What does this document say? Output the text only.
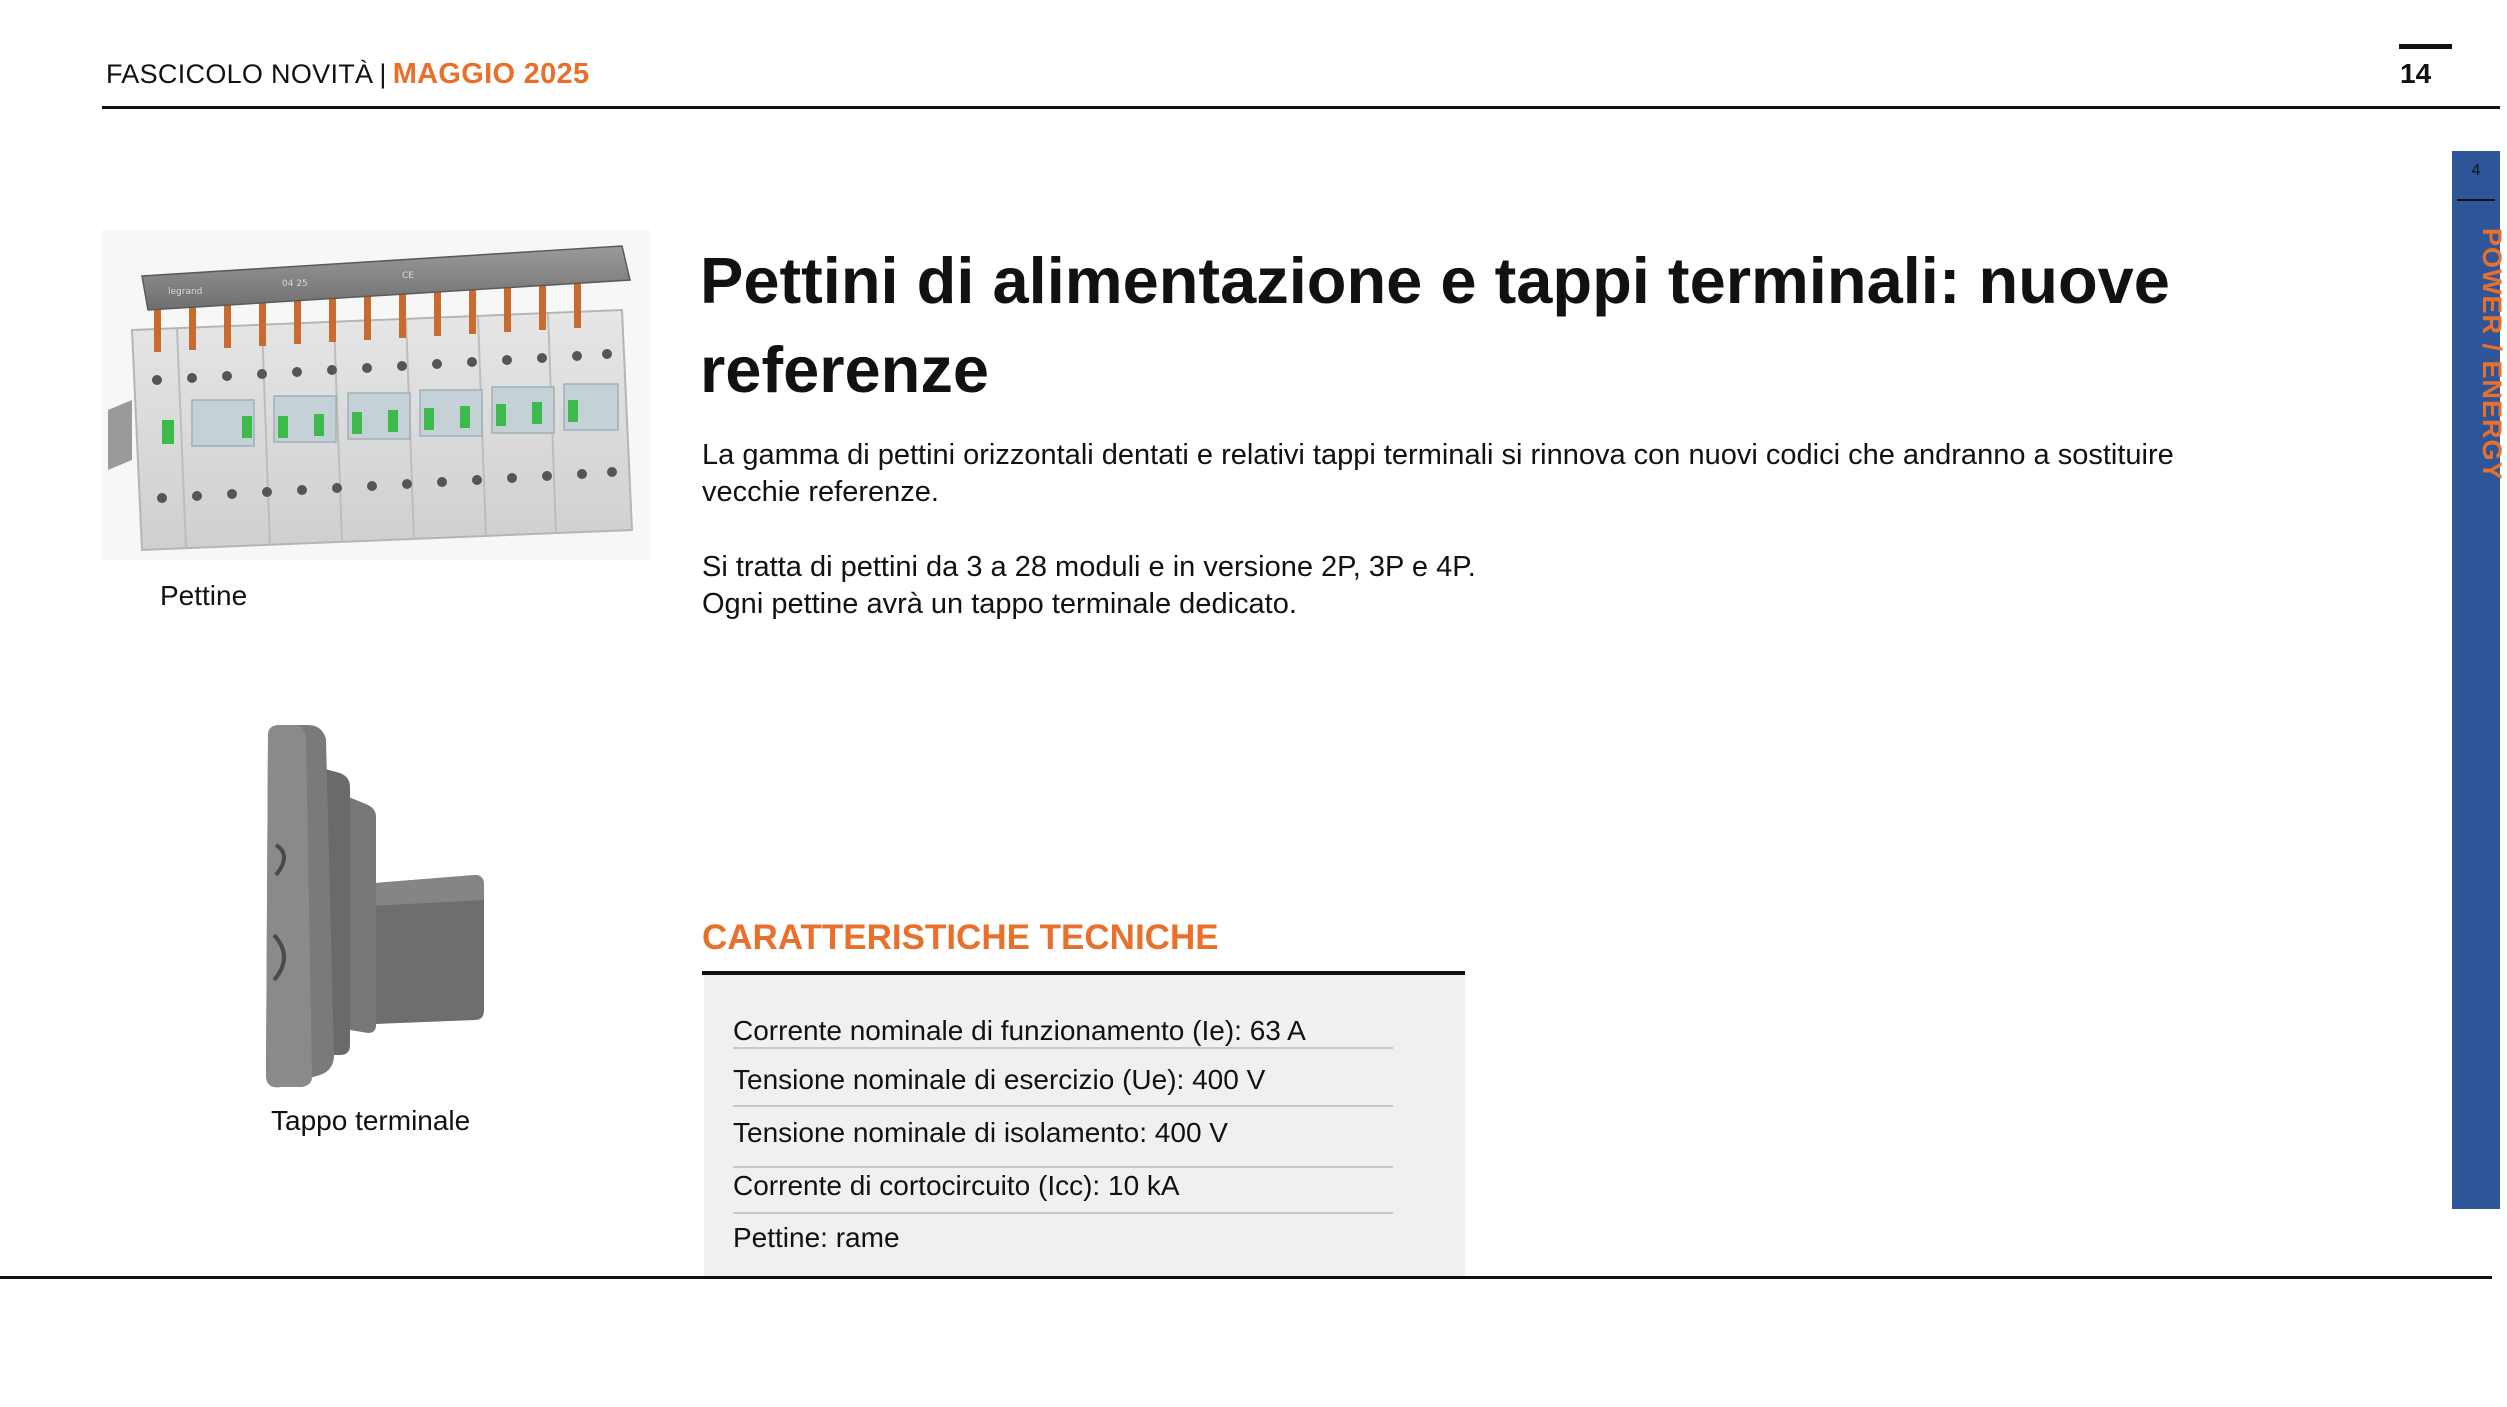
FASCICOLO NOVITÀ | MAGGIO 2025	14
4
POWER / ENERGY
legrand
04 25
CE
Pettine
Tappo terminale
Pettini di alimentazione e tappi terminali: nuove referenze
La gamma di pettini orizzontali dentati e relativi tappi terminali si rinnova con nuovi codici che andranno a sostituire vecchie referenze.
Si tratta di pettini da 3 a 28 moduli e in versione 2P, 3P e 4P.
Ogni pettine avrà un tappo terminale dedicato.
CARATTERISTICHE TECNICHE
Corrente nominale di funzionamento (Ie): 63 A
Tensione nominale di esercizio (Ue): 400 V
Tensione nominale di isolamento: 400 V
Corrente di cortocircuito (Icc): 10 kA
Pettine: rame
